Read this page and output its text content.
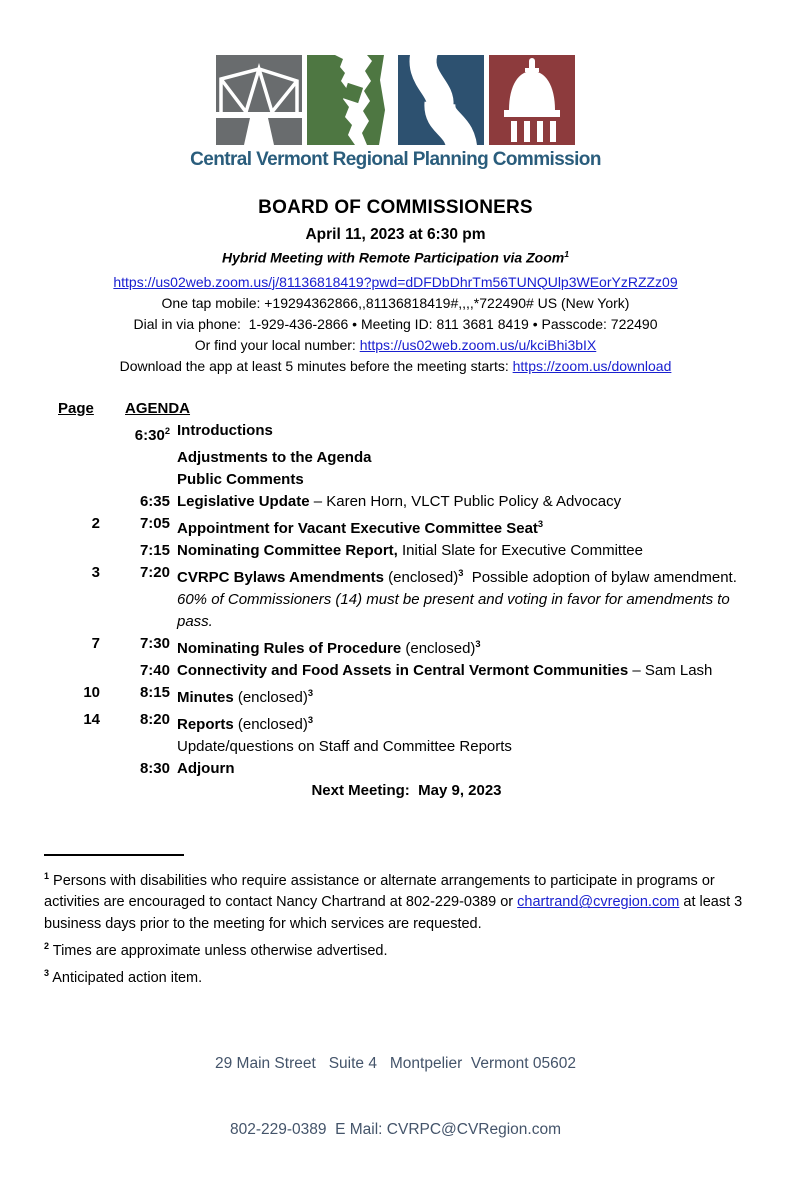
Central Vermont Regional Planning Commission
BOARD OF COMMISSIONERS
April 11, 2023 at 6:30 pm
Hybrid Meeting with Remote Participation via Zoom$^1$
https://us02web.zoom.us/j/81136818419?pwd=dDFDbDhrTm56TUNQUlp3WEorYzRZZz09
One tap mobile: +19294362866,,81136818419#,,,,*722490# US (New York)
Dial in via phone:  1-929-436-2866 • Meeting ID: 811 3681 8419 • Passcode: 722490
Or find your local number: https://us02web.zoom.us/u/kciBhi3bIX
Download the app at least 5 minutes before the meeting starts: https://zoom.us/download
Page	AGENDA
$6:30^2$ Introductions
Adjustments to the Agenda
Public Comments
6:35 Legislative Update – Karen Horn, VLCT Public Policy & Advocacy
2	7:05 Appointment for Vacant Executive Committee Seat$^3$
7:15 Nominating Committee Report, Initial Slate for Executive Committee
3	7:20 CVRPC Bylaws Amendments (enclosed)$^3$  Possible adoption of bylaw amendment.  60% of Commissioners (14) must be present and voting in favor for amendments to pass.
7	7:30 Nominating Rules of Procedure (enclosed)$^3$
7:40 Connectivity and Food Assets in Central Vermont Communities – Sam Lash
10	8:15 Minutes (enclosed)$^3$
14	8:20 Reports (enclosed)$^3$
Update/questions on Staff and Committee Reports
8:30 Adjourn
Next Meeting:  May 9, 2023

$^1$ Persons with disabilities who require assistance or alternate arrangements to participate in programs or activities are encouraged to contact Nancy Chartrand at 802-229-0389 or chartrand@cvregion.com at least 3 business days prior to the meeting for which services are requested.

$^2$ Times are approximate unless otherwise advertised.

$^3$ Anticipated action item.

29 Main Street   Suite 4   Montpelier  Vermont 05602

802-229-0389  E Mail: CVRPC@CVRegion.com
